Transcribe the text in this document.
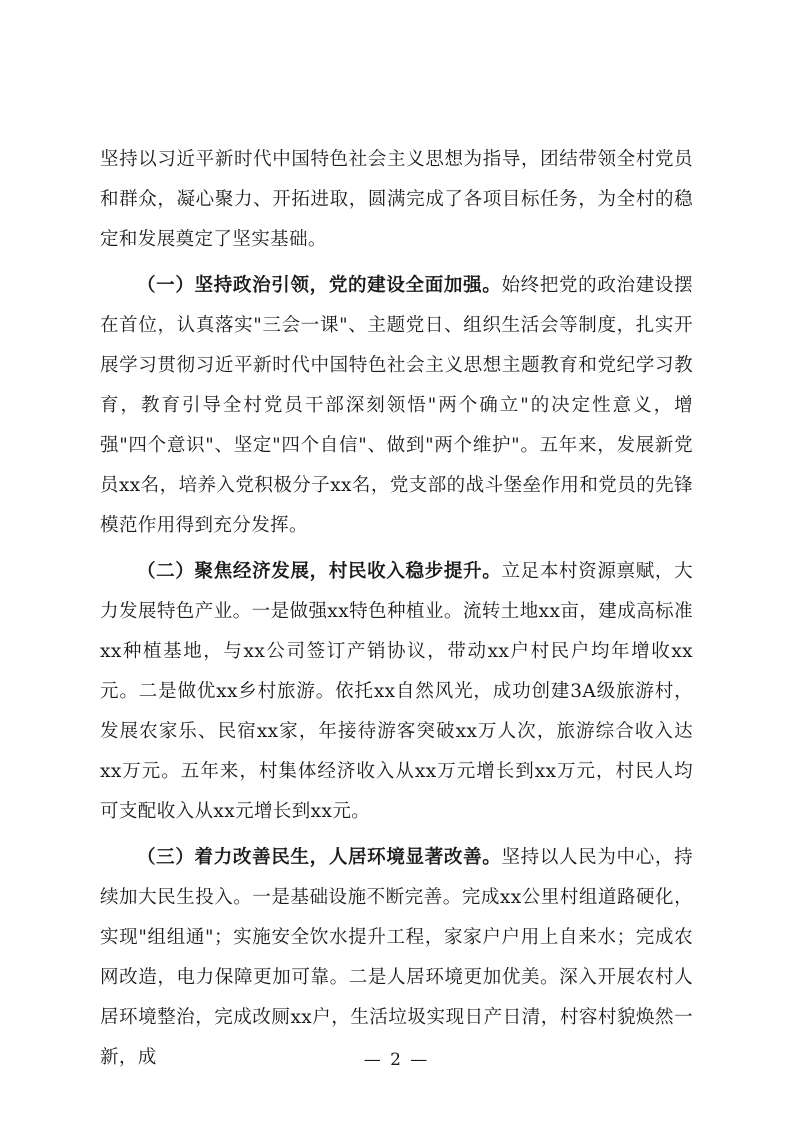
坚持以习近平新时代中国特色社会主义思想为指导，团结带领全村党员和群众，凝心聚力、开拓进取，圆满完成了各项目标任务，为全村的稳定和发展奠定了坚实基础。

（一）坚持政治引领，党的建设全面加强。始终把党的政治建设摆在首位，认真落实"三会一课"、主题党日、组织生活会等制度，扎实开展学习贯彻习近平新时代中国特色社会主义思想主题教育和党纪学习教育，教育引导全村党员干部深刻领悟"两个确立"的决定性意义，增强"四个意识"、坚定"四个自信"、做到"两个维护"。五年来，发展新党员xx名，培养入党积极分子xx名，党支部的战斗堡垒作用和党员的先锋模范作用得到充分发挥。

（二）聚焦经济发展，村民收入稳步提升。立足本村资源禀赋，大力发展特色产业。一是做强xx特色种植业。流转土地xx亩，建成高标准xx种植基地，与xx公司签订产销协议，带动xx户村民户均年增收xx元。二是做优xx乡村旅游。依托xx自然风光，成功创建3A级旅游村，发展农家乐、民宿xx家，年接待游客突破xx万人次，旅游综合收入达xx万元。五年来，村集体经济收入从xx万元增长到xx万元，村民人均可支配收入从xx元增长到xx元。

（三）着力改善民生，人居环境显著改善。坚持以人民为中心，持续加大民生投入。一是基础设施不断完善。完成xx公里村组道路硬化，实现"组组通"；实施安全饮水提升工程，家家户户用上自来水；完成农网改造，电力保障更加可靠。二是人居环境更加优美。深入开展农村人居环境整治，完成改厕xx户，生活垃圾实现日产日清，村容村貌焕然一新，成	— 2 —
